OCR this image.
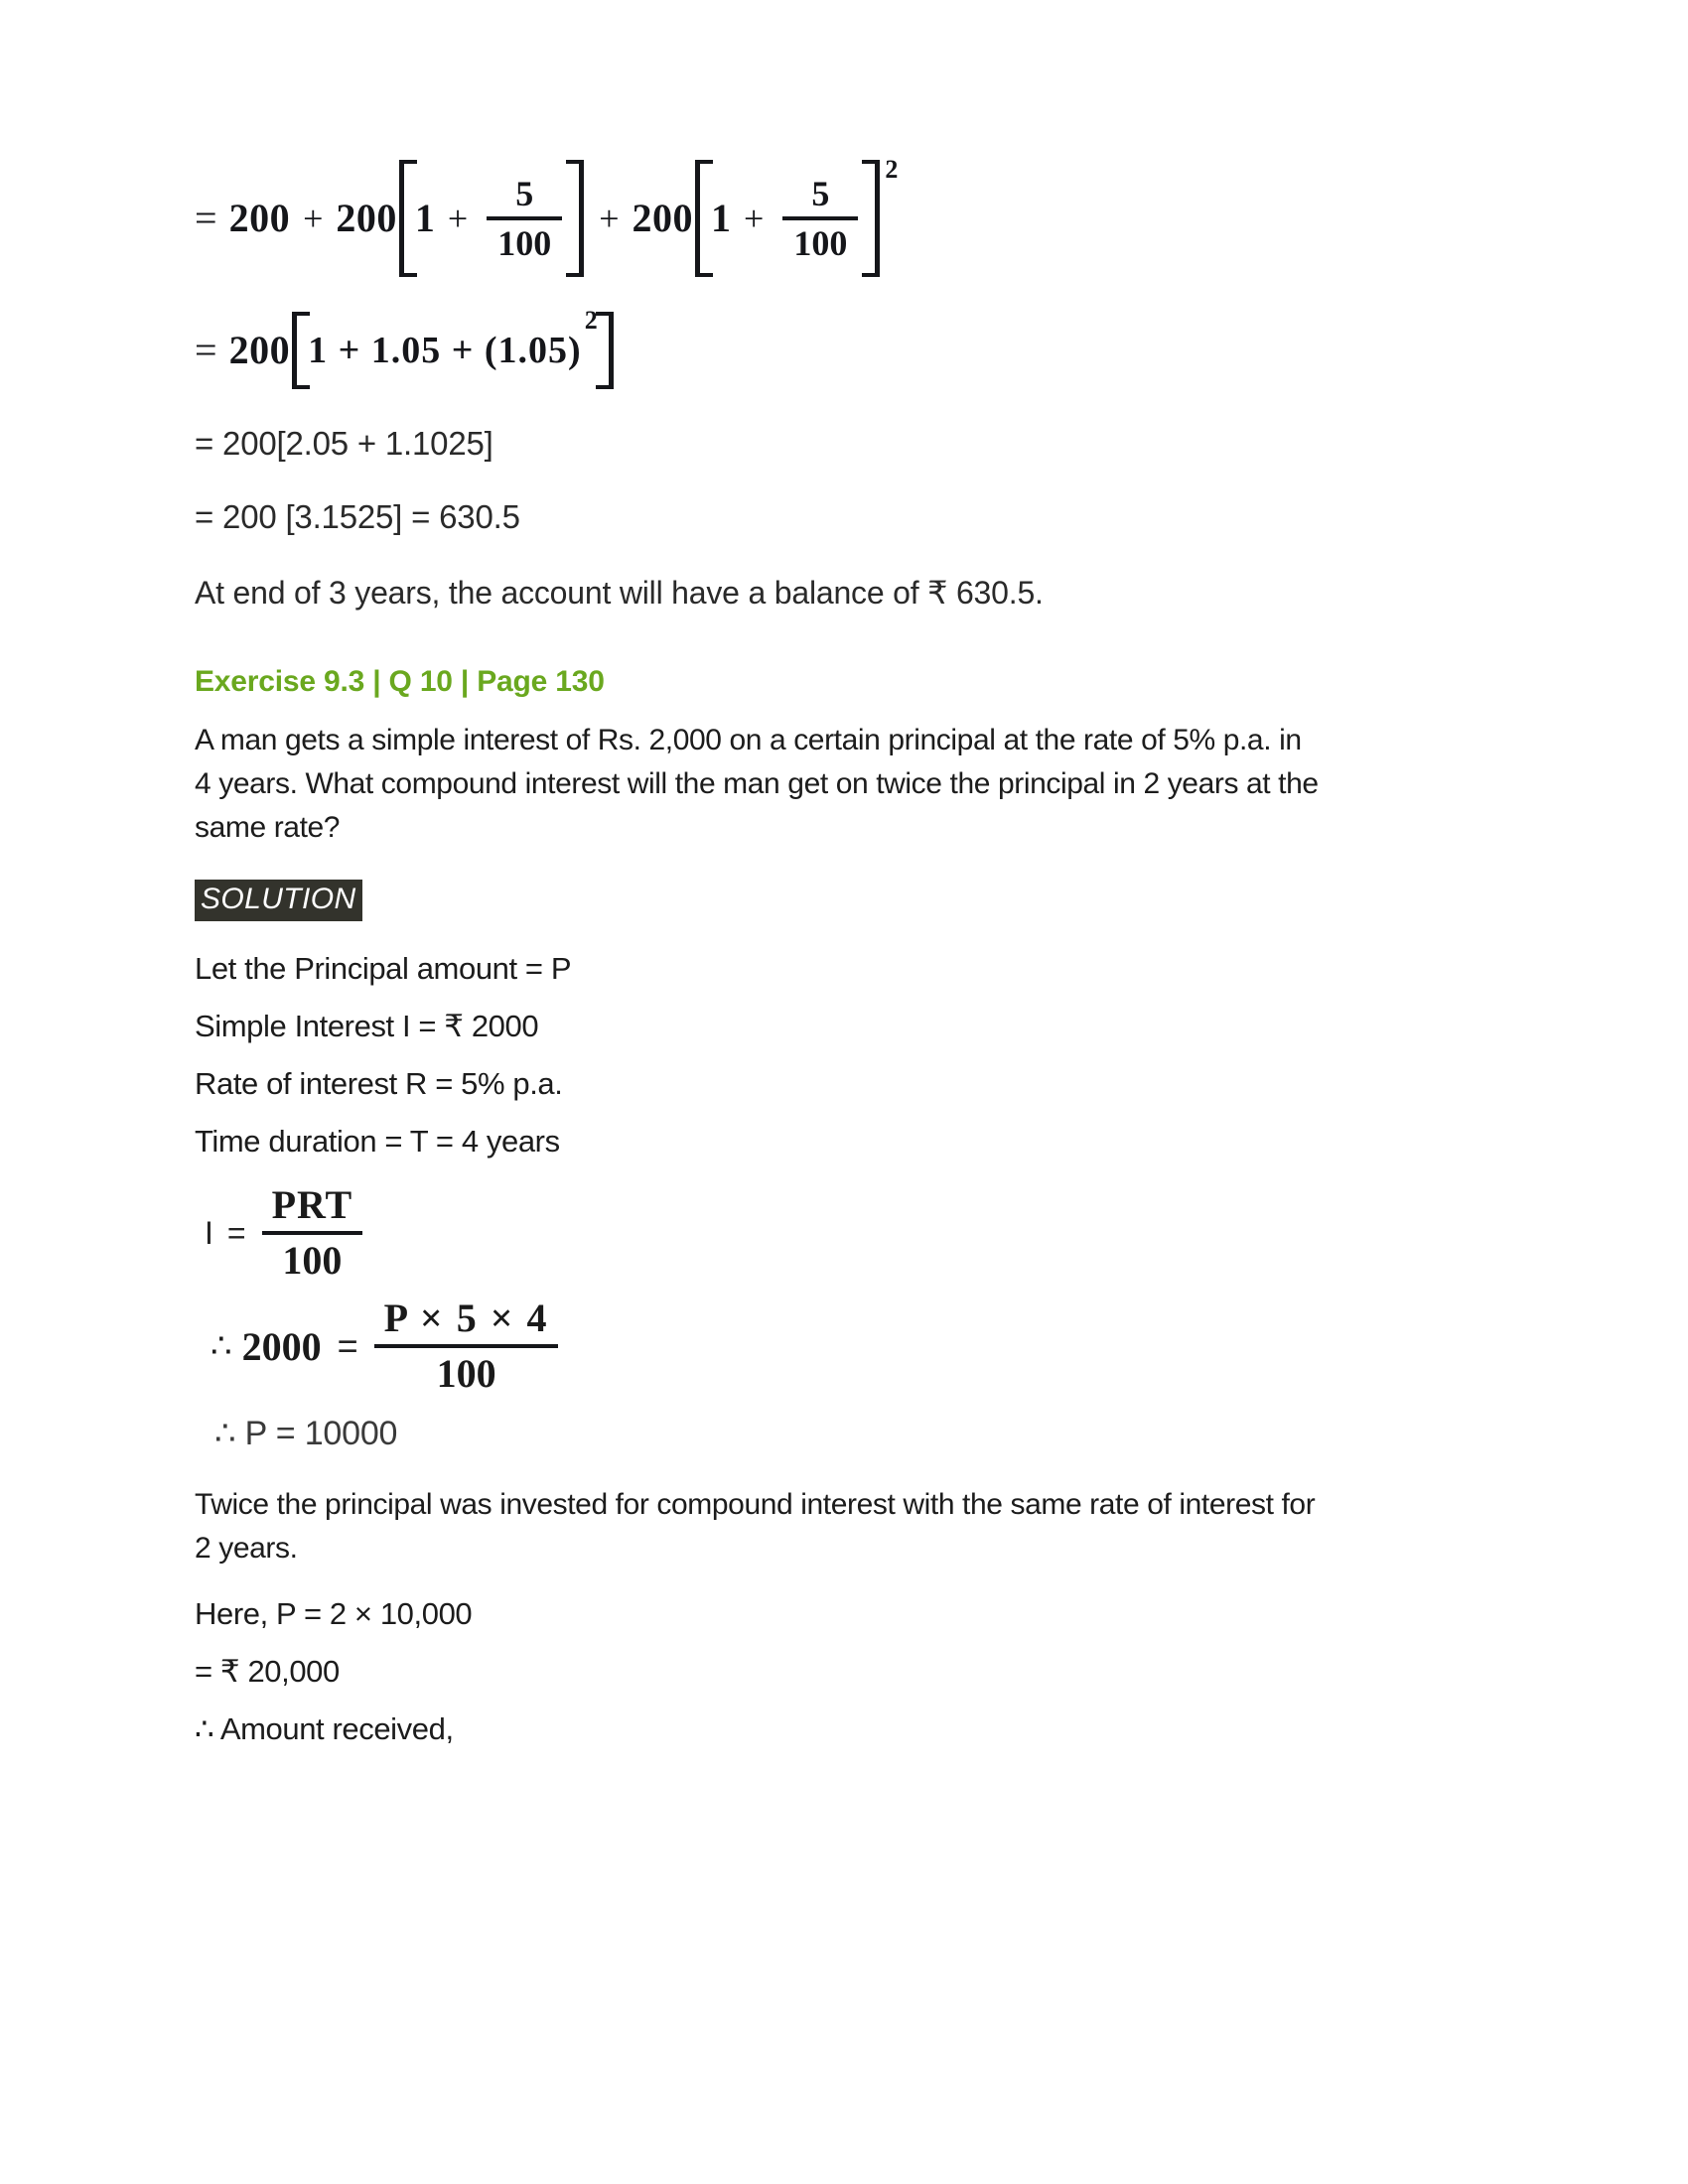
= 200 + 200 $1 + \frac{5}{100} + 200$ $1 + \frac{5}{100}$
2
= 200 1 + 1.05 + (1.05)
2
= 200[2.05 + 1.1025]
= 200 [3.1525] = 630.5
At end of 3 years, the account will have a balance of ₹ 630.5.
Exercise 9.3 | Q 10 | Page 130
A man gets a simple interest of Rs. 2,000 on a certain principal at the rate of 5% p.a. in
4 years. What compound interest will the man get on twice the principal in 2 years at the
same rate?
SOLUTION
Let the Principal amount = P
Simple Interest I = ₹ 2000
Rate of interest R = 5% p.a.
Time duration = T = 4 years
$I = \frac{\text{PRT}}{100}$
∴ $2000 = \frac{P \times 5 \times 4}{100}$
∴ P = 10000
Twice the principal was invested for compound interest with the same rate of interest for
2 years.
Here, P = 2 × 10,000
= ₹ 20,000
∴ Amount received,
